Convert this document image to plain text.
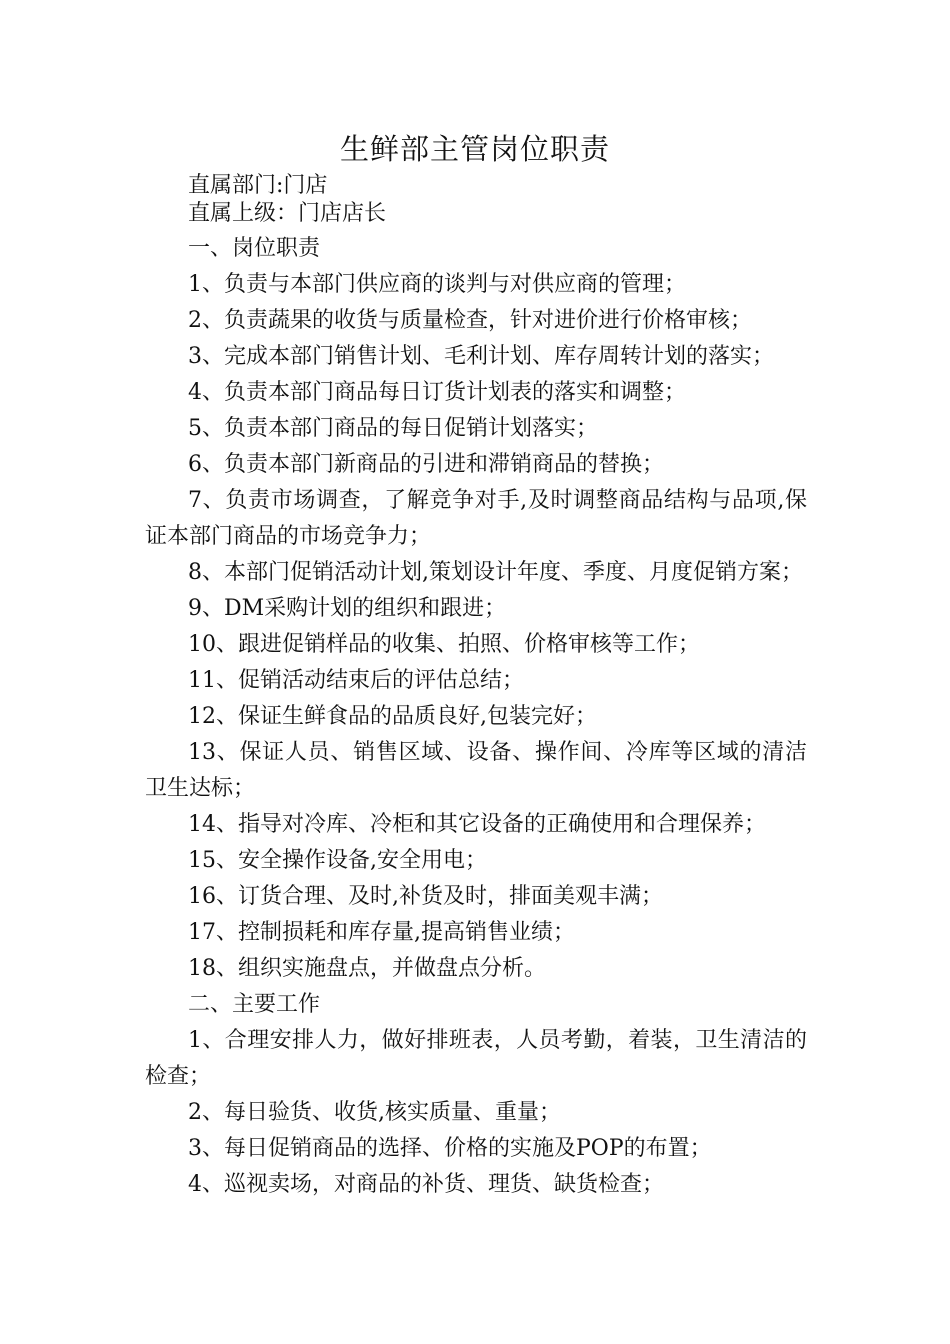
生鲜部主管岗位职责

直属部门:门店

直属上级：门店店长

一、岗位职责

1、负责与本部门供应商的谈判与对供应商的管理；

2、负责蔬果的收货与质量检查，针对进价进行价格审核；

3、完成本部门销售计划、毛利计划、库存周转计划的落实；

4、负责本部门商品每日订货计划表的落实和调整；

5、负责本部门商品的每日促销计划落实；

6、负责本部门新商品的引进和滞销商品的替换；

7、负责市场调查，了解竞争对手,及时调整商品结构与品项,保证本部门商品的市场竞争力；

8、本部门促销活动计划,策划设计年度、季度、月度促销方案；

9、DM采购计划的组织和跟进；

10、跟进促销样品的收集、拍照、价格审核等工作；

11、促销活动结束后的评估总结；

12、保证生鲜食品的品质良好,包装完好；

13、保证人员、销售区域、设备、操作间、冷库等区域的清洁卫生达标；

14、指导对冷库、冷柜和其它设备的正确使用和合理保养；

15、安全操作设备,安全用电；

16、订货合理、及时,补货及时，排面美观丰满；

17、控制损耗和库存量,提高销售业绩；

18、组织实施盘点，并做盘点分析。

二、主要工作

1、合理安排人力，做好排班表，人员考勤，着装，卫生清洁的检查；

2、每日验货、收货,核实质量、重量；

3、每日促销商品的选择、价格的实施及POP的布置；

4、巡视卖场，对商品的补货、理货、缺货检查；
